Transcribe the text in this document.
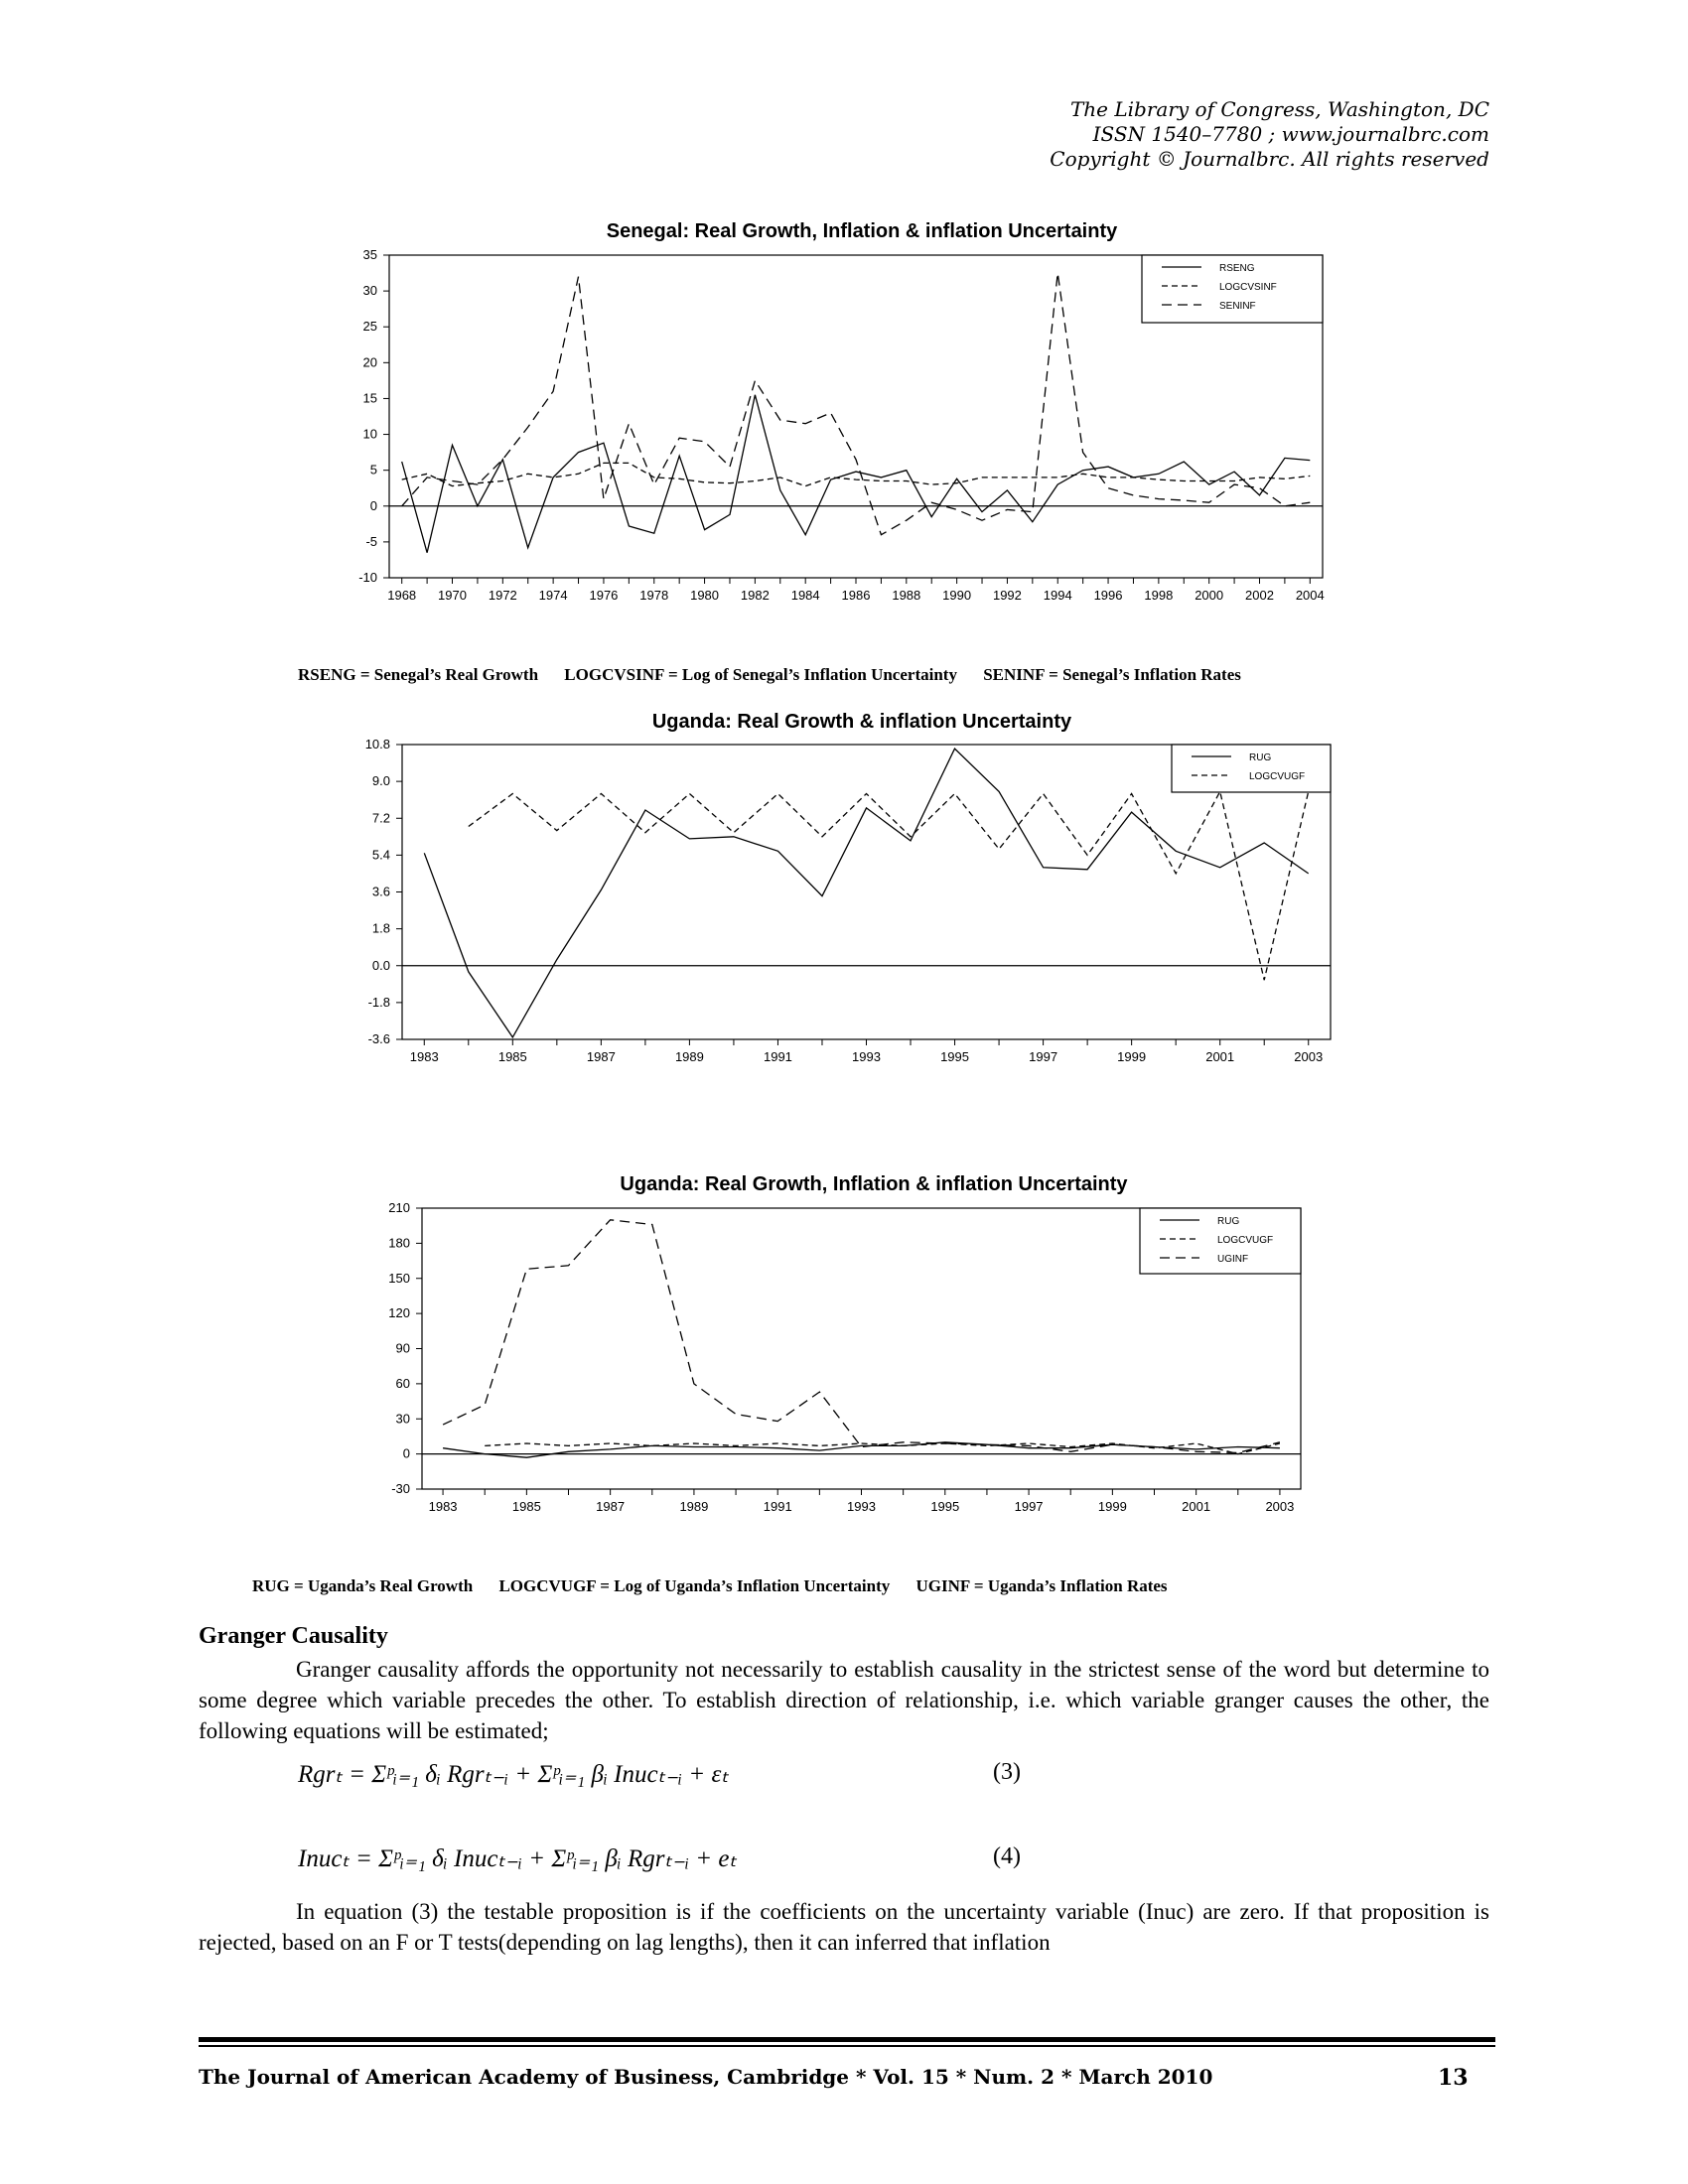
The Library of Congress, Washington, DC
ISSN 1540–7780 ; www.journalbrc.com
Copyright © Journalbrc. All rights reserved
Senegal: Real Growth, Inflation & inflation Uncertainty
35
30
25
20
15
10
5
0
-5
-10
1968 1970 1972 1974 1976 1978 1980 1982 1984 1986 1988 1990 1992 1994 1996 1998 2000 2002 2004
RSENG
LOGCVSINF
SENINF
RSENG = Senegal’s Real Growth LOGCVSINF = Log of Senegal’s Inflation Uncertainty SENINF = Senegal’s Inflation Rates
Uganda: Real Growth & inflation Uncertainty
10.8
9.0
7.2
5.4
3.6
1.8
0.0
-1.8
-3.6
1983	1985	1987	1989	1991	1993	1995	1997	1999	2001	2003
RUG
LOGCVUGF
Uganda: Real Growth, Inflation & inflation Uncertainty
210
180
150
120
90
60
30
0
-30
1983	1985	1987	1989	1991	1993	1995	1997	1999	2001	2003
RUG
LOGCVUGF
UGINF
RUG = Uganda’s Real Growth LOGCVUGF = Log of Uganda’s Inflation Uncertainty UGINF = Uganda’s Inflation Rates
Granger Causality
Granger causality affords the opportunity not necessarily to establish causality in the strictest sense of the word but determine to some degree which variable precedes the other. To establish direction of relationship, i.e. which variable granger causes the other, the following equations will be estimated;
Rgrₜ = Σᵖᵢ₌₁ δᵢ Rgrₜ₋ᵢ + Σᵖᵢ₌₁ βᵢ Inucₜ₋ᵢ + εₜ	(3)
Inucₜ = Σᵖᵢ₌₁ δᵢ Inucₜ₋ᵢ + Σᵖᵢ₌₁ βᵢ Rgrₜ₋ᵢ + eₜ	(4)
In equation (3) the testable proposition is if the coefficients on the uncertainty variable (Inuc) are zero. If that proposition is rejected, based on an F or T tests(depending on lag lengths), then it can inferred that inflation
The Journal of American Academy of Business, Cambridge * Vol. 15 * Num. 2 * March 2010	13
